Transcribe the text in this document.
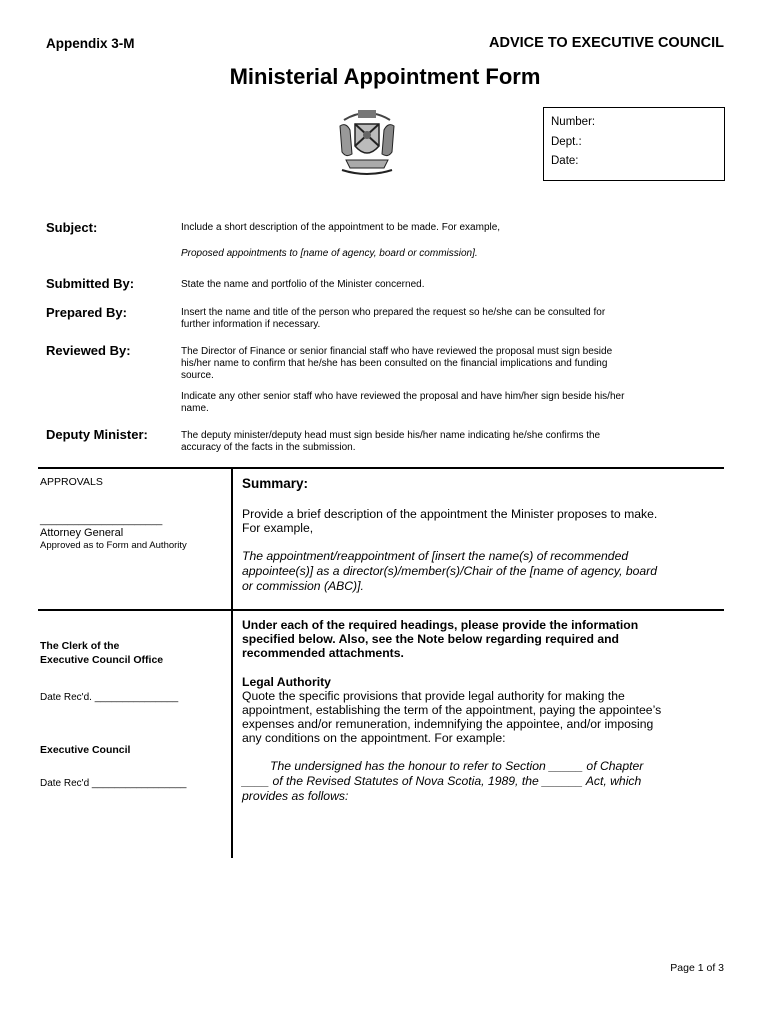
Appendix 3-M	ADVICE TO EXECUTIVE COUNCIL
Ministerial Appointment Form
Number:
Dept.:
Date:
Subject:	Include a short description of the appointment to be made. For example,
Proposed appointments to [name of agency, board or commission].
Submitted By:	State the name and portfolio of the Minister concerned.
Prepared By:	Insert the name and title of the person who prepared the request so he/she can be consulted for
further information if necessary.
Reviewed By:	The Director of Finance or senior financial staff who have reviewed the proposal must sign beside
his/her name to confirm that he/she has been consulted on the financial implications and funding
source.
Indicate any other senior staff who have reviewed the proposal and have him/her sign beside his/her
name.
Deputy Minister:	The deputy minister/deputy head must sign beside his/her name indicating he/she confirms the
accuracy of the facts in the submission.
APPROVALS
______________________
Attorney General
Approved as to Form and Authority
The Clerk of the
Executive Council Office
Date Rec'd. _______________
Executive Council
Date Rec'd _________________
Summary:
Provide a brief description of the appointment the Minister proposes to make.
For example,
The appointment/reappointment of [insert the name(s) of recommended
appointee(s)] as a director(s)/member(s)/Chair of the [name of agency, board
or commission (ABC)].
Under each of the required headings, please provide the information
specified below. Also, see the Note below regarding required and
recommended attachments.
Legal Authority
Quote the specific provisions that provide legal authority for making the
appointment, establishing the term of the appointment, paying the appointee’s
expenses and/or remuneration, indemnifying the appointee, and/or imposing
any conditions on the appointment. For example:
The undersigned has the honour to refer to Section _____ of Chapter
____ of the Revised Statutes of Nova Scotia, 1989, the ______ Act, which
provides as follows:
Page 1 of 3
